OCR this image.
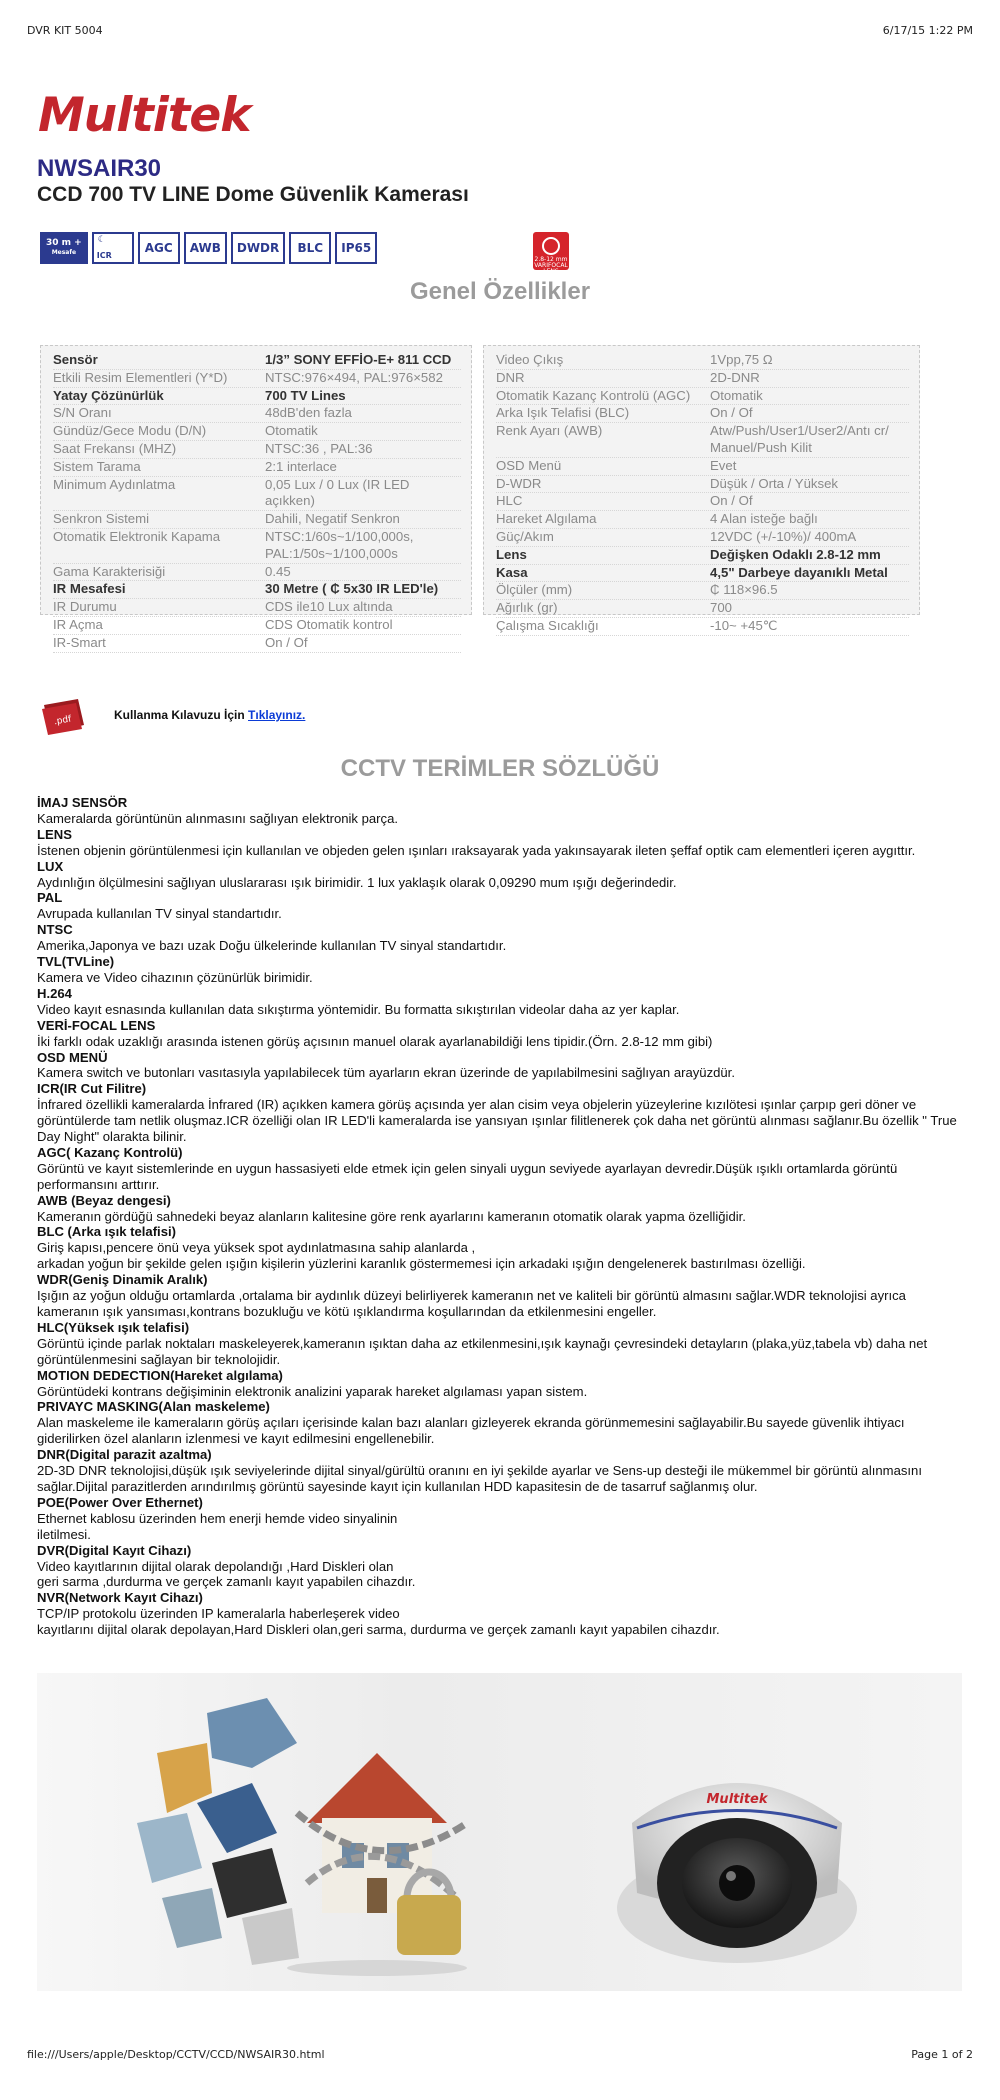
DVR KIT 5004	6/17/15 1:22 PM
Multitek
NWSAIR30
CCD 700 TV LINE Dome Güvenlik Kamerası
30 m +
Mesafe
☾
ICR
AGC	AWB	DWDR	BLC	IP65
2.8-12 mm VARIFOCAL LENS
Genel Özellikler
Sensör	1/3” SONY EFFİO-E+ 811 CCD
Etkili Resim Elementleri (Y*D)	NTSC:976×494, PAL:976×582
Yatay Çözünürlük	700 TV Lines
S/N Oranı	48dB'den fazla
Gündüz/Gece Modu (D/N)	Otomatik
Saat Frekansı (MHZ)	NTSC:36 , PAL:36
Sistem Tarama	2:1 interlace
Minimum Aydınlatma	0,05 Lux / 0 Lux (IR LED açıkken)
Senkron Sistemi	Dahili, Negatif Senkron
Otomatik Elektronik Kapama	NTSC:1/60s~1/100,000s,
PAL:1/50s~1/100,000s
Gama Karakterisiği	0.45
IR Mesafesi	30 Metre ( ₵ 5x30 IR LED'le)
IR Durumu	CDS ile10 Lux altında
IR Açma	CDS Otomatik kontrol
IR-Smart	On / Of
Video Çıkış	1Vpp,75 Ω
DNR	2D-DNR
Otomatik Kazanç Kontrolü (AGC)	Otomatik
Arka Işık Telafisi (BLC)	On / Of
Renk Ayarı (AWB)	Atw/Push/User1/User2/Antı cr/
Manuel/Push Kilit
OSD Menü	Evet
D-WDR	Düşük / Orta / Yüksek
HLC	On / Of
Hareket Algılama	4 Alan isteğe bağlı
Güç/Akım	12VDC (+/-10%)/ 400mA
Lens	Değişken Odaklı 2.8-12 mm
Kasa	4,5" Darbeye dayanıklı Metal
Ölçüler (mm)	₵ 118×96.5
Ağırlık (gr)	700
Çalışma Sıcaklığı	-10~ +45℃
.pdf	Kullanma Kılavuzu İçin Tıklayınız.
CCTV TERİMLER SÖZLÜĞÜ
İMAJ SENSÖR
Kameralarda görüntünün alınmasını sağlıyan elektronik parça.
LENS
İstenen objenin görüntülenmesi için kullanılan ve objeden gelen ışınları ıraksayarak yada yakınsayarak ileten şeffaf optik cam elementleri içeren aygıttır.
LUX
Aydınlığın ölçülmesini sağlıyan uluslararası ışık birimidir. 1 lux yaklaşık olarak 0,09290 mum ışığı değerindedir.
PAL
Avrupada kullanılan TV sinyal standartıdır.
NTSC
Amerika,Japonya ve bazı uzak Doğu ülkelerinde kullanılan TV sinyal standartıdır.
TVL(TVLine)
Kamera ve Video cihazının çözünürlük birimidir.
H.264
Video kayıt esnasında kullanılan data sıkıştırma yöntemidir. Bu formatta sıkıştırılan videolar daha az yer kaplar.
VERİ-FOCAL LENS
İki farklı odak uzaklığı arasında istenen görüş açısının manuel olarak ayarlanabildiği lens tipidir.(Örn. 2.8-12 mm gibi)
OSD MENÜ
Kamera switch ve butonları vasıtasıyla yapılabilecek tüm ayarların ekran üzerinde de yapılabilmesini sağlıyan arayüzdür.
ICR(IR Cut Filitre)
İnfrared özellikli kameralarda İnfrared (IR) açıkken kamera görüş açısında yer alan cisim veya objelerin yüzeylerine kızılötesi ışınlar çarpıp geri döner ve görüntülerde tam netlik oluşmaz.ICR özelliği olan IR LED'li kameralarda ise yansıyan ışınlar filitlenerek çok daha net görüntü alınması sağlanır.Bu özellik " True Day Night" olarakta bilinir.
AGC( Kazanç Kontrolü)
Görüntü ve kayıt sistemlerinde en uygun hassasiyeti elde etmek için gelen sinyali uygun seviyede ayarlayan devredir.Düşük ışıklı ortamlarda görüntü performansını arttırır.
AWB (Beyaz dengesi)
Kameranın gördüğü sahnedeki beyaz alanların kalitesine göre renk ayarlarını kameranın otomatik olarak yapma özelliğidir.
BLC (Arka ışık telafisi)
Giriş kapısı,pencere önü veya yüksek spot aydınlatmasına sahip alanlarda ,
arkadan yoğun bir şekilde gelen ışığın kişilerin yüzlerini karanlık göstermemesi için arkadaki ışığın dengelenerek bastırılması özelliği.
WDR(Geniş Dinamik Aralık)
Işığın az yoğun olduğu ortamlarda ,ortalama bir aydınlık düzeyi belirliyerek kameranın net ve kaliteli bir görüntü almasını sağlar.WDR teknolojisi ayrıca kameranın ışık yansıması,kontrans bozukluğu ve kötü ışıklandırma koşullarından da etkilenmesini engeller.
HLC(Yüksek ışık telafisi)
Görüntü içinde parlak noktaları maskeleyerek,kameranın ışıktan daha az etkilenmesini,ışık kaynağı çevresindeki detayların (plaka,yüz,tabela vb) daha net görüntülenmesini sağlayan bir teknolojidir.
MOTION DEDECTION(Hareket algılama)
Görüntüdeki kontrans değişiminin elektronik analizini yaparak hareket algılaması yapan sistem.
PRIVAYC MASKING(Alan maskeleme)
Alan maskeleme ile kameraların görüş açıları içerisinde kalan bazı alanları gizleyerek ekranda görünmemesini sağlayabilir.Bu sayede güvenlik ihtiyacı giderilirken özel alanların izlenmesi ve kayıt edilmesini engellenebilir.
DNR(Digital parazit azaltma)
2D-3D DNR teknolojisi,düşük ışık seviyelerinde dijital sinyal/gürültü oranını en iyi şekilde ayarlar ve Sens-up desteği ile mükemmel bir görüntü alınmasını sağlar.Dijital parazitlerden arındırılmış görüntü sayesinde kayıt için kullanılan HDD kapasitesin de de tasarruf sağlanmış olur.
POE(Power Over Ethernet)
Ethernet kablosu üzerinden hem enerji hemde video sinyalinin
iletilmesi.
DVR(Digital Kayıt Cihazı)
Video kayıtlarının dijital olarak depolandığı ,Hard Diskleri olan
geri sarma ,durdurma ve gerçek zamanlı kayıt yapabilen cihazdır.
NVR(Network Kayıt Cihazı)
TCP/IP protokolu üzerinden IP kameralarla haberleşerek video
kayıtlarını dijital olarak depolayan,Hard Diskleri olan,geri sarma, durdurma ve gerçek zamanlı kayıt yapabilen cihazdır.
Multitek
file:///Users/apple/Desktop/CCTV/CCD/NWSAIR30.html	Page 1 of 2
